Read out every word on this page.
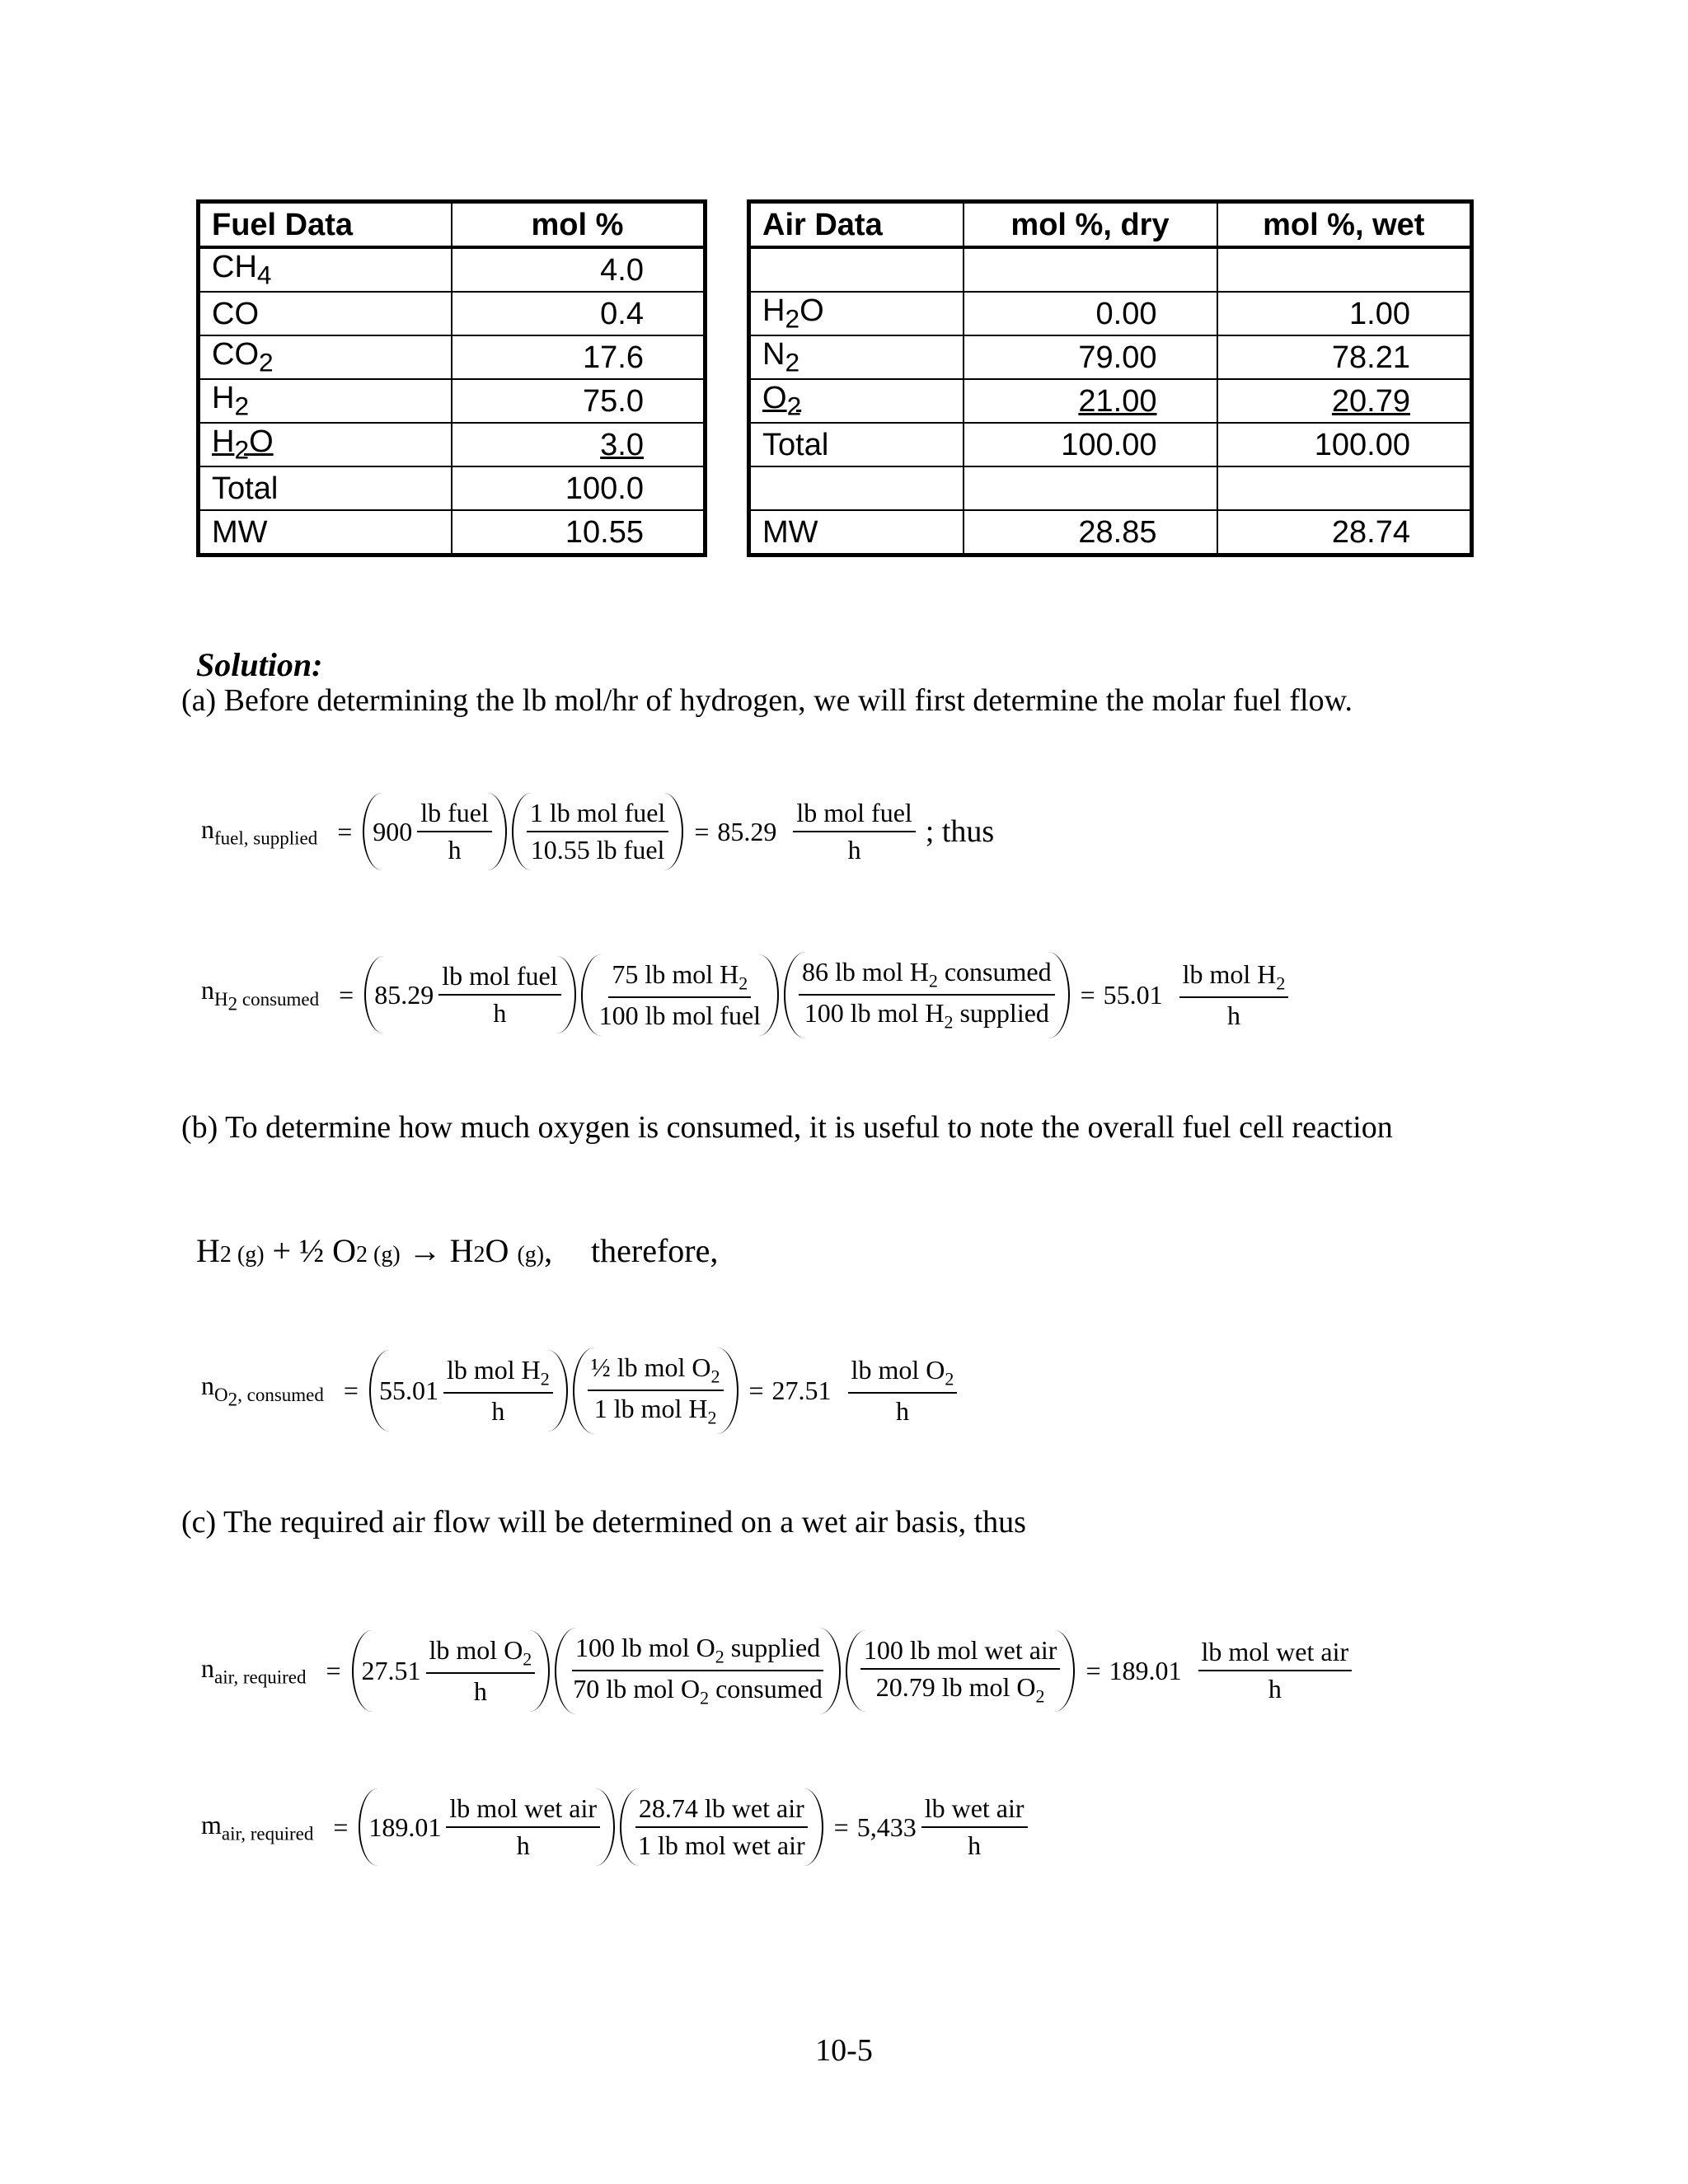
Fuel Data	mol %
$CH_4$	4.0
CO	0.4
$CO_2$	17.6
$H_2$	75.0
$H_2O$	3.0
Total	100.0
MW	10.55
Air Data	mol %, dry	mol %, wet

$H_2O$	0.00	1.00
$N_2$	79.00	78.21
$O_2$	21.00	20.79
Total	100.00	100.00

MW	28.85	28.74
Solution:
(a) Before determining the lb mol/hr of hydrogen, we will first determine the molar fuel flow.
$n_{fuel, supplied} = 900 \frac{\text{lb fuel}}{h} \frac{\text{1 lb mol fuel}}{\text{10.55 lb fuel}} = 85.29 \frac{\text{lb mol fuel}}{h}$ ; thus
$n_{H_2 consumed} = 85.29 \frac{\text{lb mol fuel}}{h} \frac{75 lb mol H_2}{\text{100 lb mol fuel}} \frac{86 lb mol H_2 consumed}{100 lb mol H_2 supplied} = 55.01 \frac{lb mol H_2}{h}$
(b) To determine how much oxygen is consumed, it is useful to note the overall fuel cell reaction
H2 (g) + ½ O2 (g) → H2O (g), therefore,
$n_{O_2, consumed} = 55.01 \frac{lb mol H_2}{h} \frac{\frac{1}{2} lb mol O_2}{1 lb mol H_2} = 27.51 \frac{lb mol O_2}{h}$
(c) The required air flow will be determined on a wet air basis, thus
$n_{air, required} = 27.51 \frac{lb mol O_2}{h} \frac{100 lb mol O_2 supplied}{70 lb mol O_2 consumed} \frac{\text{100 lb mol wet air}}{20.79 lb mol O_2} = 189.01 \frac{\text{lb mol wet air}}{h}$
$m_{air, required} = 189.01 \frac{\text{lb mol wet air}}{h} \frac{\text{28.74 lb wet air}}{\text{1 lb mol wet air}} = 5,433 \frac{\text{lb wet air}}{h}$
10-5
